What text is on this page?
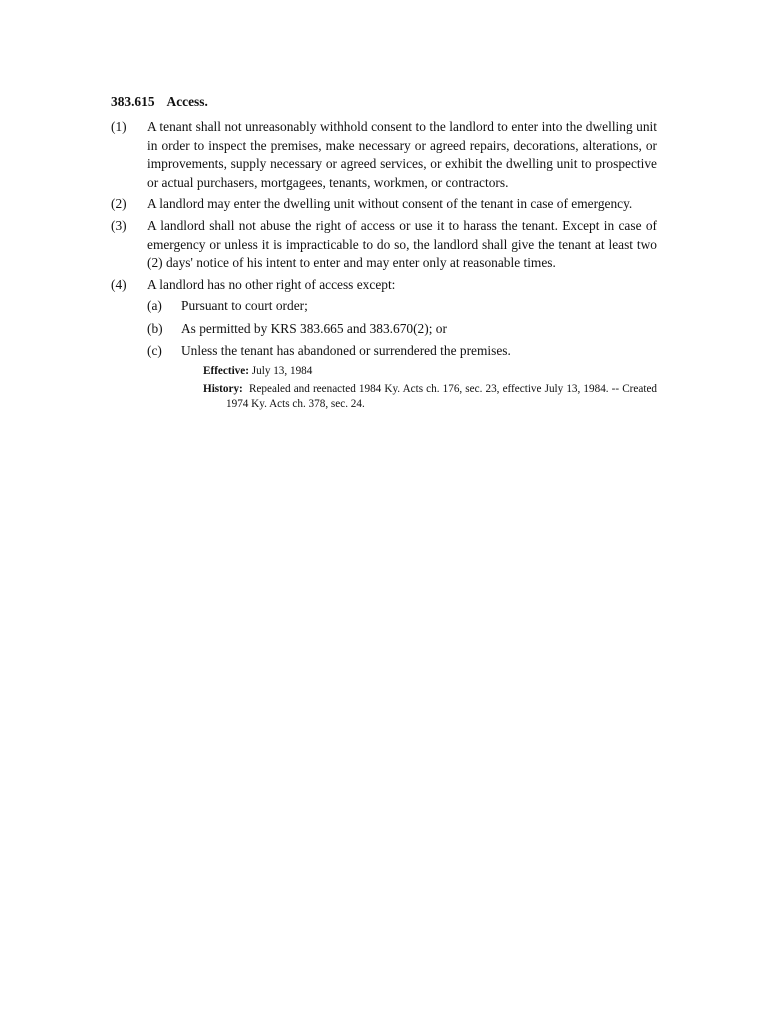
383.615 Access.
(1) A tenant shall not unreasonably withhold consent to the landlord to enter into the dwelling unit in order to inspect the premises, make necessary or agreed repairs, decorations, alterations, or improvements, supply necessary or agreed services, or exhibit the dwelling unit to prospective or actual purchasers, mortgagees, tenants, workmen, or contractors.
(2) A landlord may enter the dwelling unit without consent of the tenant in case of emergency.
(3) A landlord shall not abuse the right of access or use it to harass the tenant. Except in case of emergency or unless it is impracticable to do so, the landlord shall give the tenant at least two (2) days' notice of his intent to enter and may enter only at reasonable times.
(4) A landlord has no other right of access except:
(a) Pursuant to court order;
(b) As permitted by KRS 383.665 and 383.670(2); or
(c) Unless the tenant has abandoned or surrendered the premises.
Effective: July 13, 1984
History: Repealed and reenacted 1984 Ky. Acts ch. 176, sec. 23, effective July 13, 1984. -- Created 1974 Ky. Acts ch. 378, sec. 24.
